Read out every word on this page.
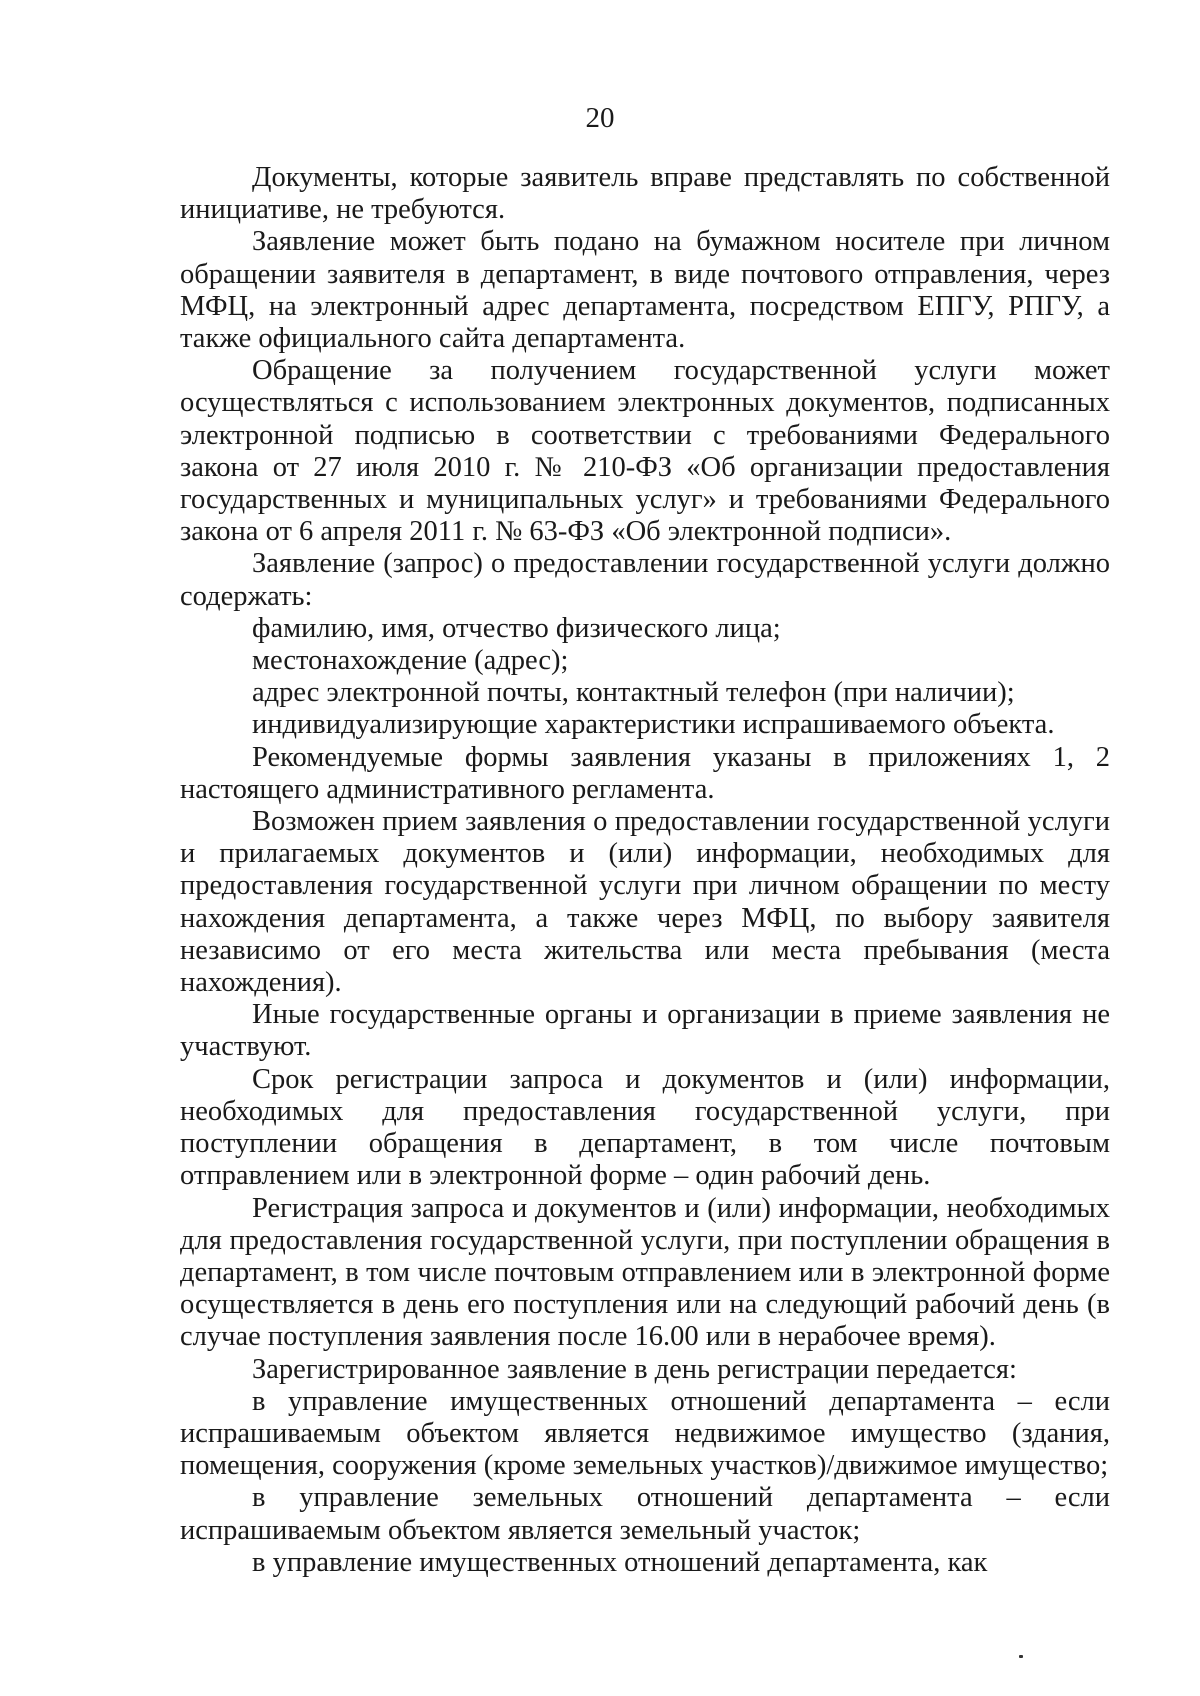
20

Документы, которые заявитель вправе представлять по собственной инициативе, не требуются.

Заявление может быть подано на бумажном носителе при личном обращении заявителя в департамент, в виде почтового отправления, через МФЦ, на электронный адрес департамента, посредством ЕПГУ, РПГУ, а также официального сайта департамента.

Обращение за получением государственной услуги может осуществляться с использованием электронных документов, подписанных электронной подписью в соответствии с требованиями Федерального закона от 27 июля 2010 г. № 210-ФЗ «Об организации предоставления государственных и муниципальных услуг» и требованиями Федерального закона от 6 апреля 2011 г. № 63-ФЗ «Об электронной подписи».

Заявление (запрос) о предоставлении государственной услуги должно содержать:

фамилию, имя, отчество физического лица;

местонахождение (адрес);

адрес электронной почты, контактный телефон (при наличии);

индивидуализирующие характеристики испрашиваемого объекта.

Рекомендуемые формы заявления указаны в приложениях 1, 2 настоящего административного регламента.

Возможен прием заявления о предоставлении государственной услуги и прилагаемых документов и (или) информации, необходимых для предоставления государственной услуги при личном обращении по месту нахождения департамента, а также через МФЦ, по выбору заявителя независимо от его места жительства или места пребывания (места нахождения).

Иные государственные органы и организации в приеме заявления не участвуют.

Срок регистрации запроса и документов и (или) информации, необходимых для предоставления государственной услуги, при поступлении обращения в департамент, в том числе почтовым отправлением или в электронной форме – один рабочий день.

Регистрация запроса и документов и (или) информации, необходимых для предоставления государственной услуги, при поступлении обращения в департамент, в том числе почтовым отправлением или в электронной форме осуществляется в день его поступления или на следующий рабочий день (в случае поступления заявления после 16.00 или в нерабочее время).

Зарегистрированное заявление в день регистрации передается:

в управление имущественных отношений департамента – если испрашиваемым объектом является недвижимое имущество (здания, помещения, сооружения (кроме земельных участков)/движимое имущество;

в управление земельных отношений департамента – если испрашиваемым объектом является земельный участок;

в управление имущественных отношений департамента, как
